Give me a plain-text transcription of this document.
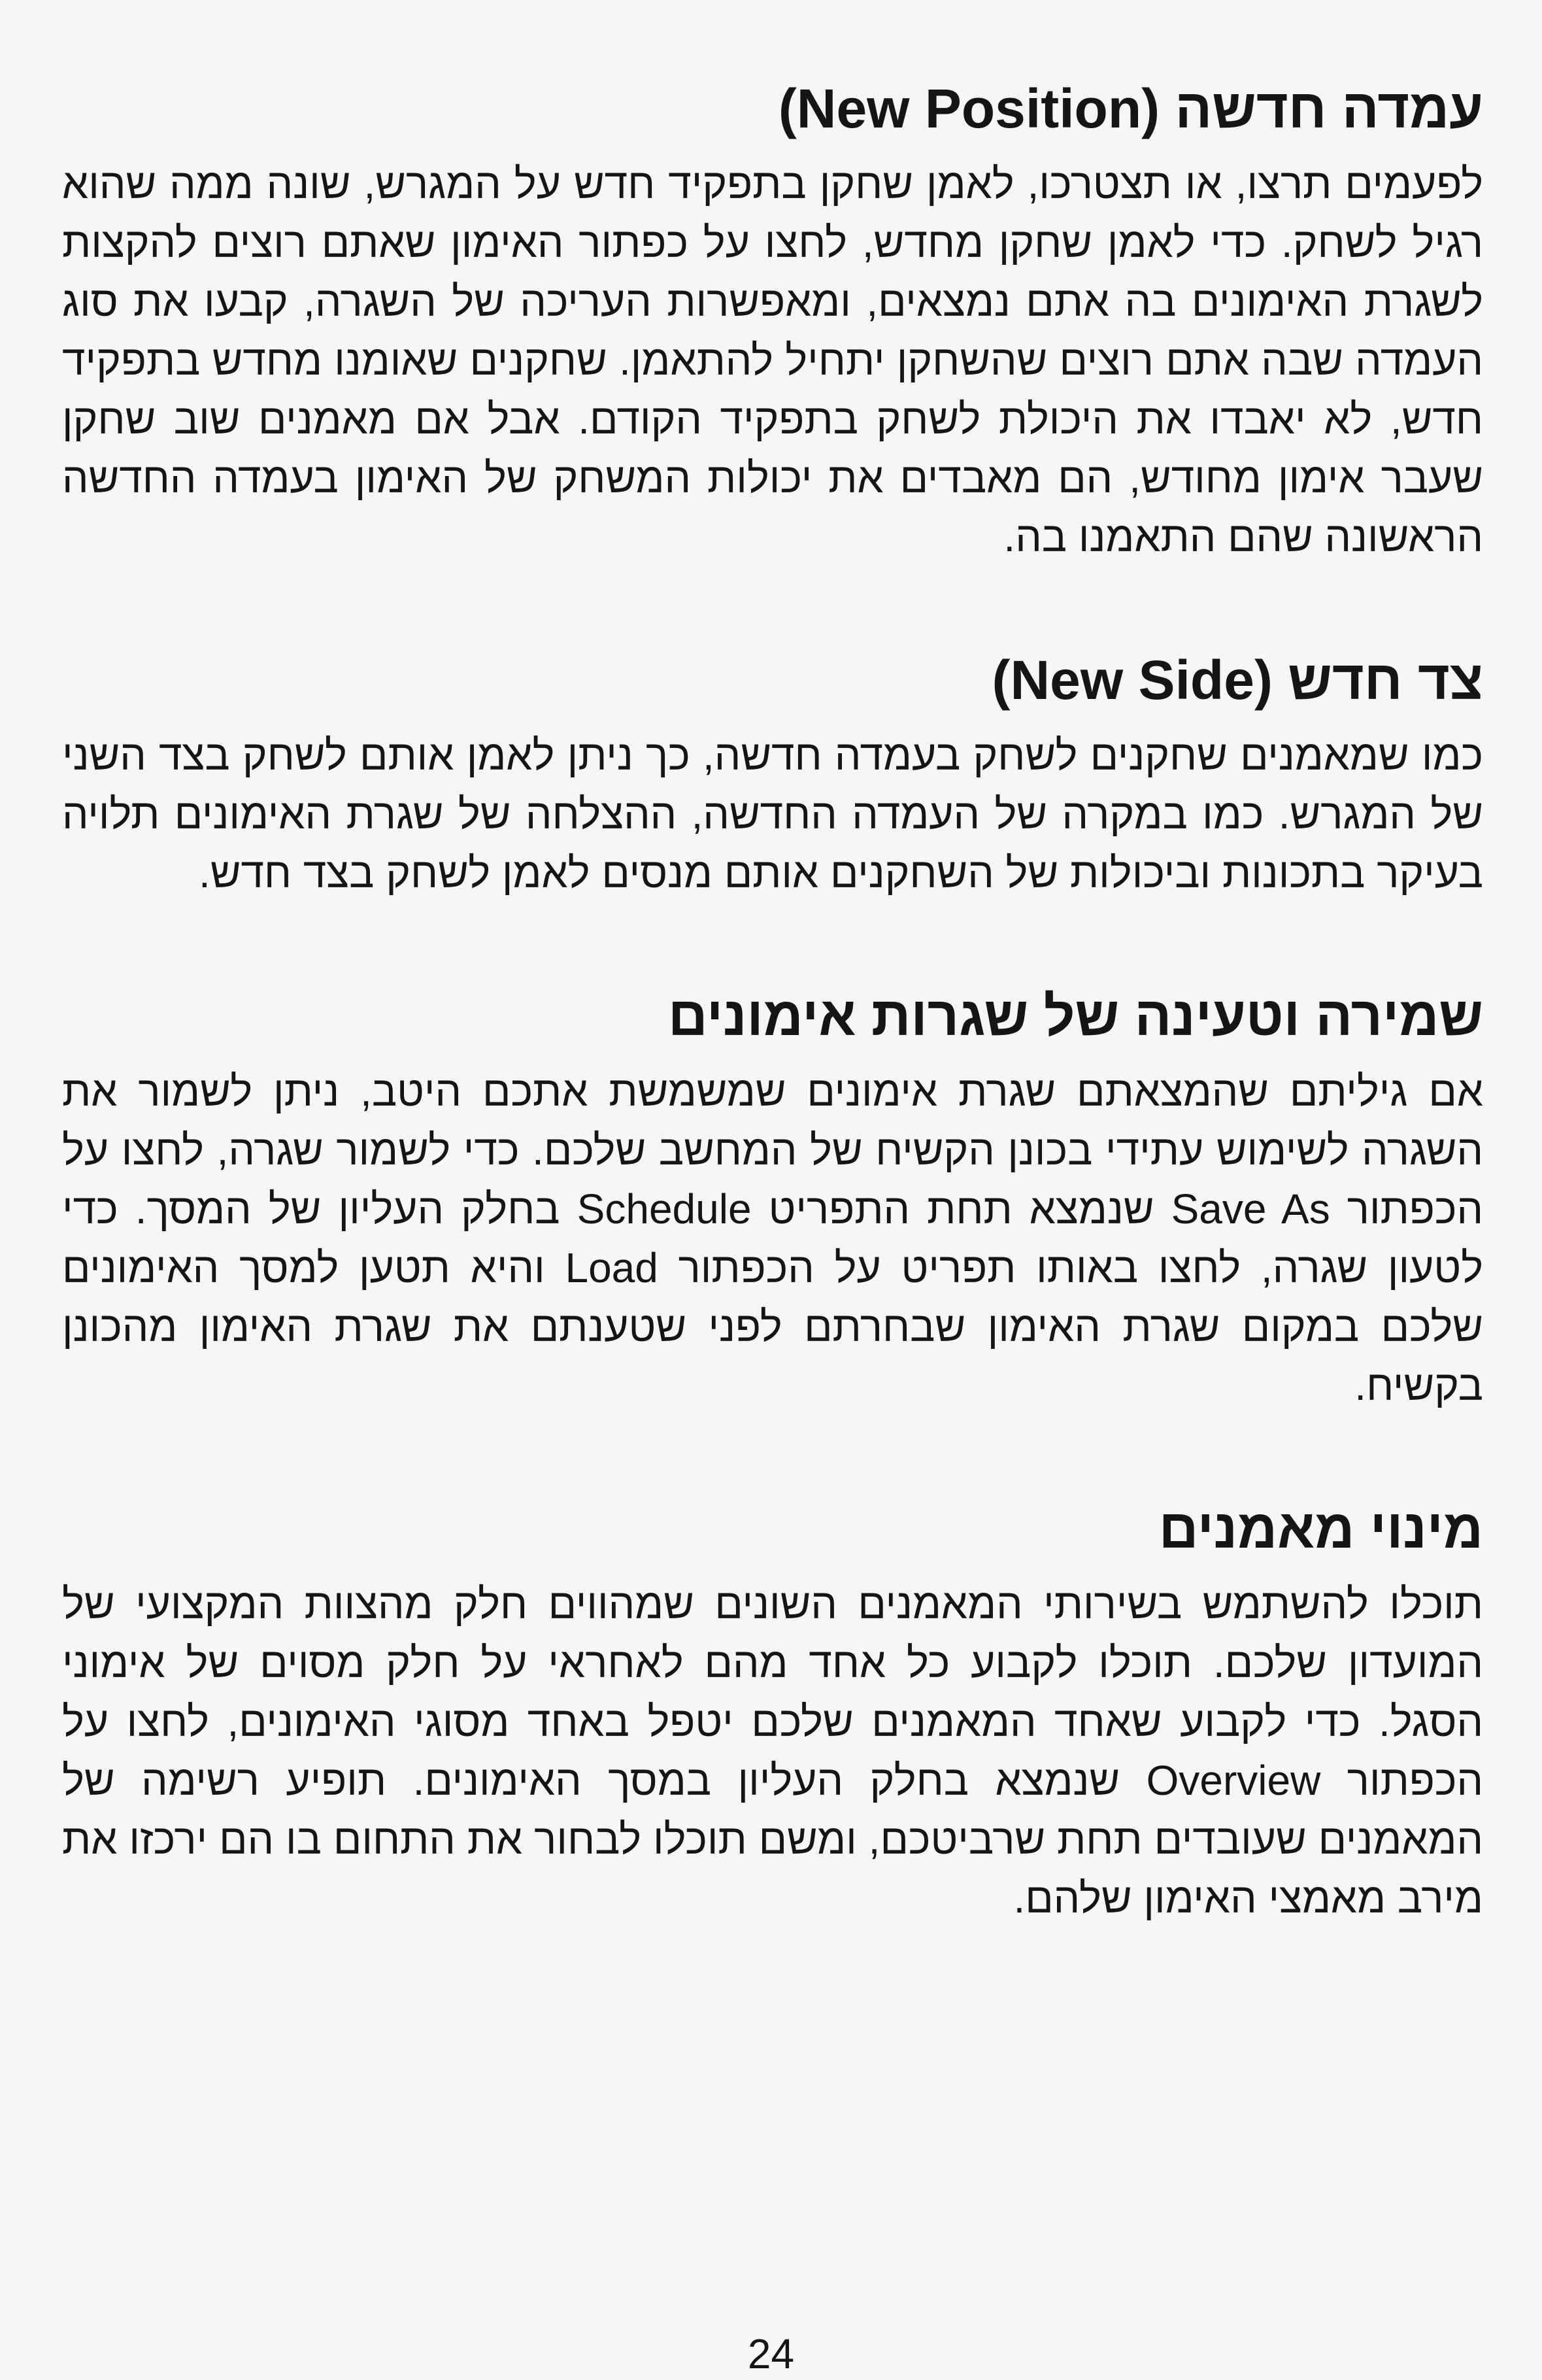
עמדה חדשה (New Position)

לפעמים תרצו, או תצטרכו, לאמן שחקן בתפקיד חדש על המגרש, שונה ממה שהוא רגיל לשחק. כדי לאמן שחקן מחדש, לחצו על כפתור האימון שאתם רוצים להקצות לשגרת האימונים בה אתם נמצאים, ומאפשרות העריכה של השגרה, קבעו את סוג העמדה שבה אתם רוצים שהשחקן יתחיל להתאמן. שחקנים שאומנו מחדש בתפקיד חדש, לא יאבדו את היכולת לשחק בתפקיד הקודם. אבל אם מאמנים שוב שחקן שעבר אימון מחודש, הם מאבדים את יכולות המשחק של האימון בעמדה החדשה הראשונה שהם התאמנו בה.

צד חדש (New Side)

כמו שמאמנים שחקנים לשחק בעמדה חדשה, כך ניתן לאמן אותם לשחק בצד השני של המגרש. כמו במקרה של העמדה החדשה, ההצלחה של שגרת האימונים תלויה בעיקר בתכונות וביכולות של השחקנים אותם מנסים לאמן לשחק בצד חדש.

שמירה וטעינה של שגרות אימונים

אם גיליתם שהמצאתם שגרת אימונים שמשמשת אתכם היטב, ניתן לשמור את השגרה לשימוש עתידי בכונן הקשיח של המחשב שלכם. כדי לשמור שגרה, לחצו על הכפתור Save As שנמצא תחת התפריט Schedule בחלק העליון של המסך. כדי לטעון שגרה, לחצו באותו תפריט על הכפתור Load והיא תטען למסך האימונים שלכם במקום שגרת האימון שבחרתם לפני שטענתם את שגרת האימון מהכונן בקשיח.

מינוי מאמנים

תוכלו להשתמש בשירותי המאמנים השונים שמהווים חלק מהצוות המקצועי של המועדון שלכם. תוכלו לקבוע כל אחד מהם לאחראי על חלק מסוים של אימוני הסגל. כדי לקבוע שאחד המאמנים שלכם יטפל באחד מסוגי האימונים, לחצו על הכפתור Overview שנמצא בחלק העליון במסך האימונים. תופיע רשימה של המאמנים שעובדים תחת שרביטכם, ומשם תוכלו לבחור את התחום בו הם ירכזו את מירב מאמצי האימון שלהם.

24
